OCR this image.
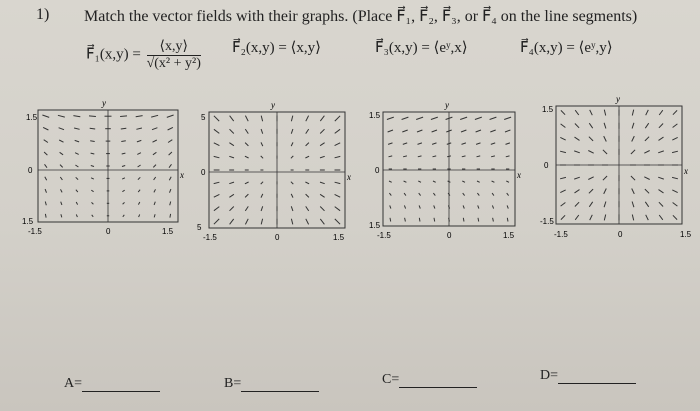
1) Match the vector fields with their graphs. (Place F⃗₁, F⃗₂, F⃗₃, or F⃗₄ on the line segments)
F⃗₁(x,y) = $\frac{⟨x,y⟩}{\text{√(x² + y²)}}$ F⃗₂(x,y) = ⟨x,y⟩	F⃗₃(x,y) = ⟨eʸ,x⟩	F⃗₄(x,y) = ⟨eʸ,y⟩
1.5
0
1.5
-1.5	0	1.5
y
x
5
0
5
-1.5	0	1.5
y
x
1.5
0
1.5
-1.5	0	1.5
y
x
1.5
0
-1.5
-1.5	0	1.5
y
x
A=	B=	C=	D=
